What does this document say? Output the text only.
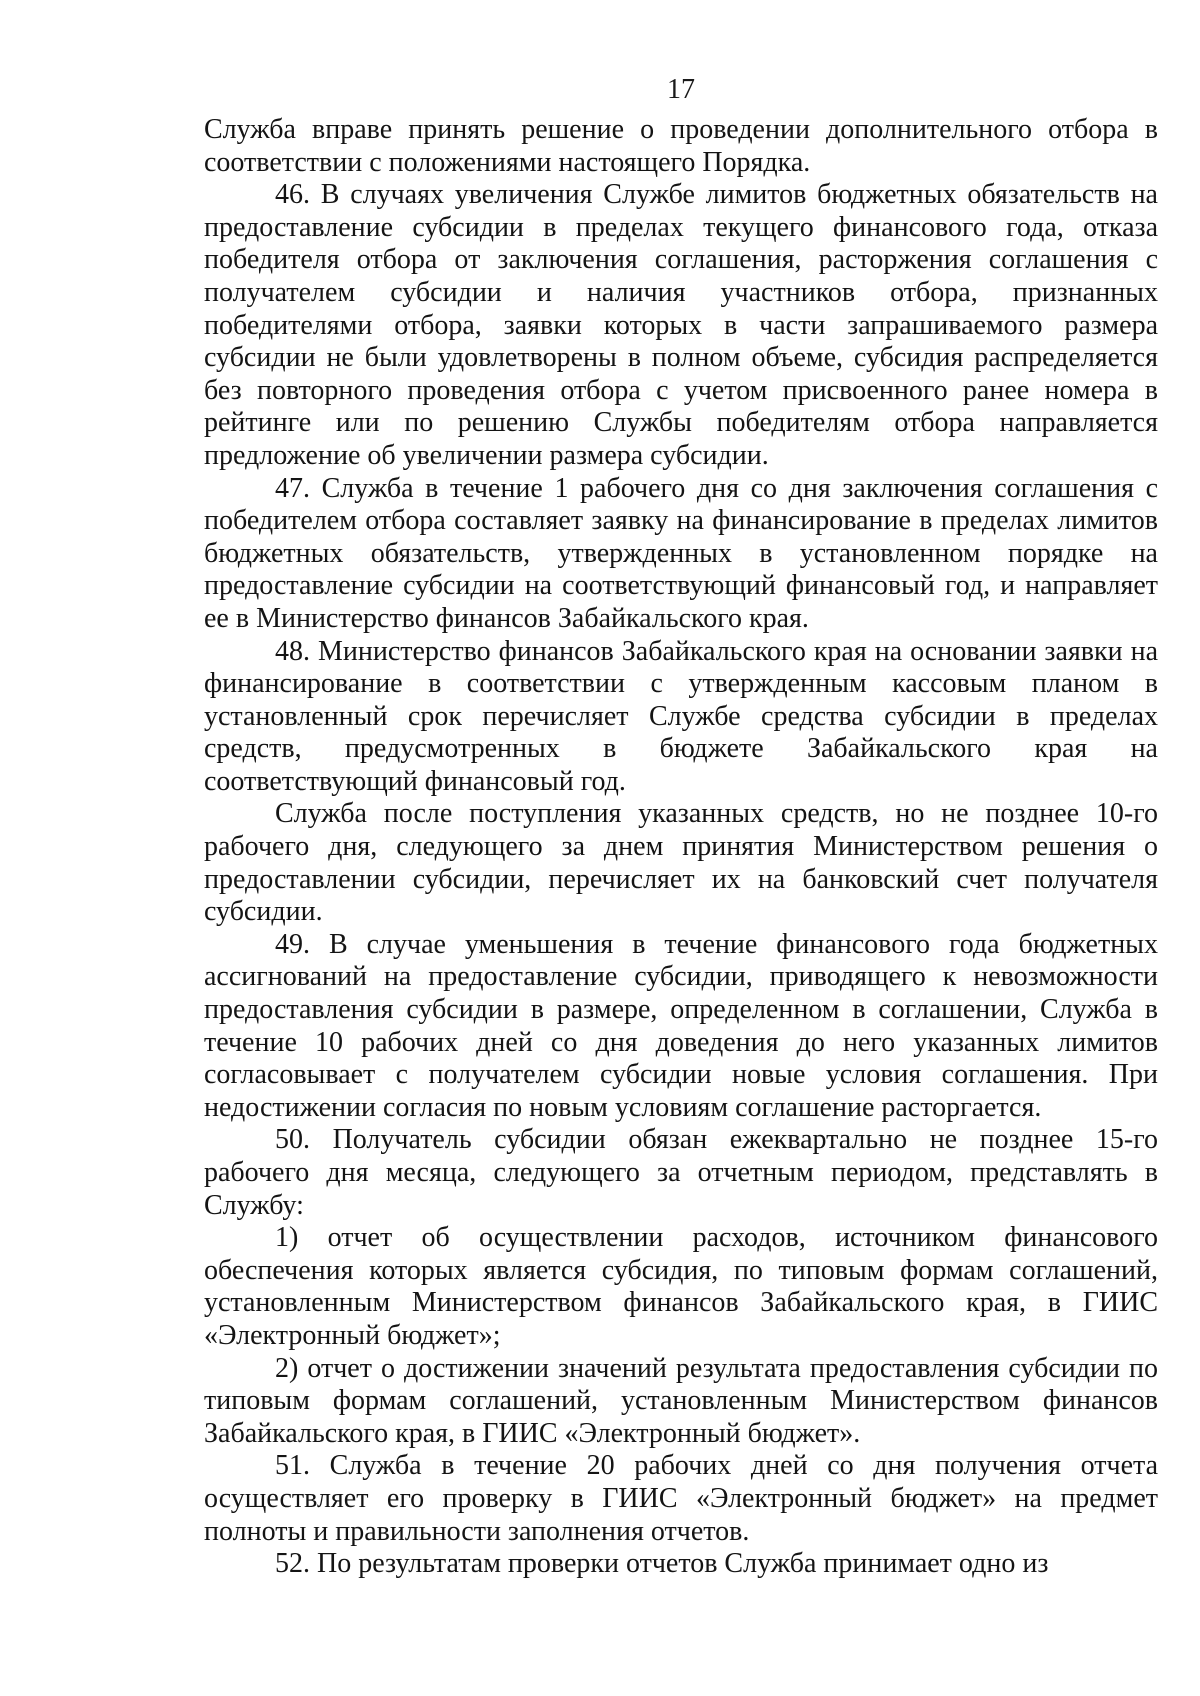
17

Служба вправе принять решение о проведении дополнительного отбора в соответствии с положениями настоящего Порядка.

46. В случаях увеличения Службе лимитов бюджетных обязательств на предоставление субсидии в пределах текущего финансового года, отказа победителя отбора от заключения соглашения, расторжения соглашения с получателем субсидии и наличия участников отбора, признанных победителями отбора, заявки которых в части запрашиваемого размера субсидии не были удовлетворены в полном объеме, субсидия распределяется без повторного проведения отбора с учетом присвоенного ранее номера в рейтинге или по решению Службы победителям отбора направляется предложение об увеличении размера субсидии.

47. Служба в течение 1 рабочего дня со дня заключения соглашения с победителем отбора составляет заявку на финансирование в пределах лимитов бюджетных обязательств, утвержденных в установленном порядке на предоставление субсидии на соответствующий финансовый год, и направляет ее в Министерство финансов Забайкальского края.

48. Министерство финансов Забайкальского края на основании заявки на финансирование в соответствии с утвержденным кассовым планом в установленный срок перечисляет Службе средства субсидии в пределах средств, предусмотренных в бюджете Забайкальского края на соответствующий финансовый год.

Служба после поступления указанных средств, но не позднее 10-го рабочего дня, следующего за днем принятия Министерством решения о предоставлении субсидии, перечисляет их на банковский счет получателя субсидии.

49. В случае уменьшения в течение финансового года бюджетных ассигнований на предоставление субсидии, приводящего к невозможности предоставления субсидии в размере, определенном в соглашении, Служба в течение 10 рабочих дней со дня доведения до него указанных лимитов согласовывает с получателем субсидии новые условия соглашения. При недостижении согласия по новым условиям соглашение расторгается.

50. Получатель субсидии обязан ежеквартально не позднее 15-го рабочего дня месяца, следующего за отчетным периодом, представлять в Службу:

1) отчет об осуществлении расходов, источником финансового обеспечения которых является субсидия, по типовым формам соглашений, установленным Министерством финансов Забайкальского края, в ГИИС «Электронный бюджет»;

2) отчет о достижении значений результата предоставления субсидии по типовым формам соглашений, установленным Министерством финансов Забайкальского края, в ГИИС «Электронный бюджет».

51. Служба в течение 20 рабочих дней со дня получения отчета осуществляет его проверку в ГИИС «Электронный бюджет» на предмет полноты и правильности заполнения отчетов.

52. По результатам проверки отчетов Служба принимает одно из
